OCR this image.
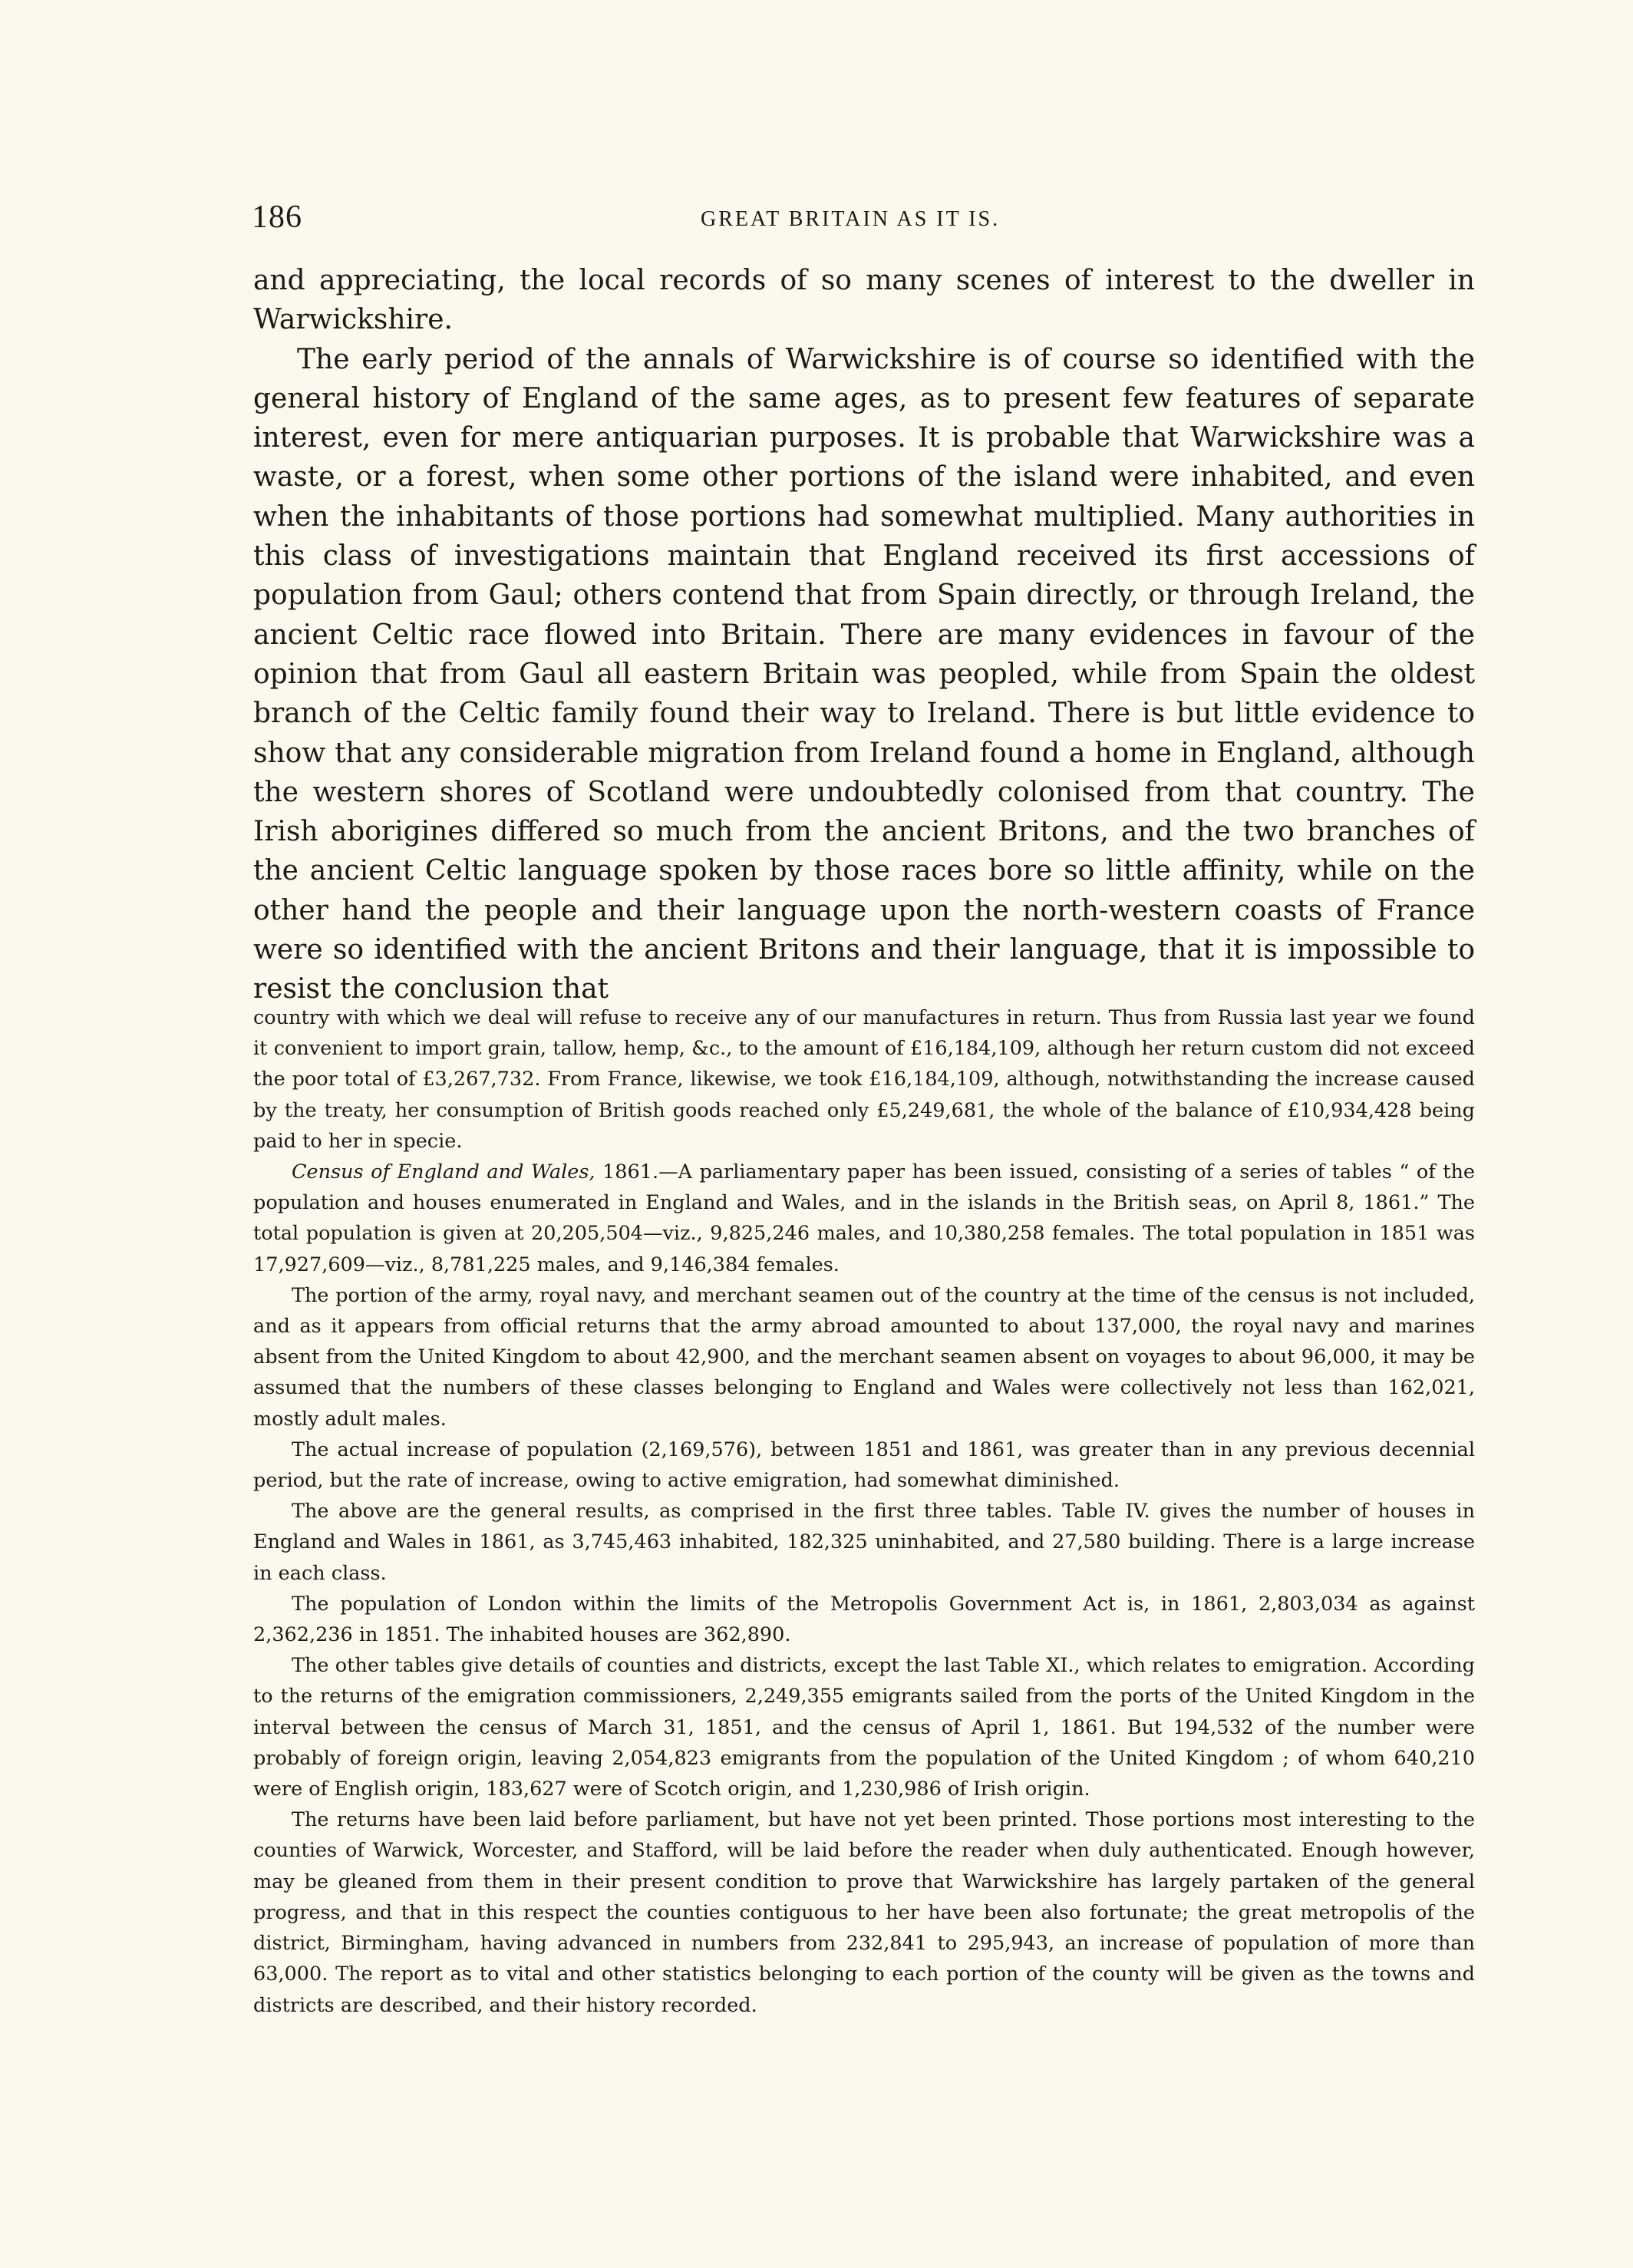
186	GREAT BRITAIN AS IT IS.

and appreciating, the local records of so many scenes of interest to the dweller in Warwickshire.

The early period of the annals of Warwickshire is of course so identified with the general history of England of the same ages, as to present few features of separate interest, even for mere antiquarian purposes. It is probable that Warwickshire was a waste, or a forest, when some other portions of the island were inhabited, and even when the inhabitants of those portions had somewhat multiplied. Many authorities in this class of investigations maintain that England received its first accessions of population from Gaul; others contend that from Spain directly, or through Ireland, the ancient Celtic race flowed into Britain. There are many evidences in favour of the opinion that from Gaul all eastern Britain was peopled, while from Spain the oldest branch of the Celtic family found their way to Ireland. There is but little evidence to show that any considerable migration from Ireland found a home in England, although the western shores of Scotland were undoubtedly colonised from that country. The Irish aborigines differed so much from the ancient Britons, and the two branches of the ancient Celtic language spoken by those races bore so little affinity, while on the other hand the people and their language upon the north-western coasts of France were so identified with the ancient Britons and their language, that it is impossible to resist the conclusion that

country with which we deal will refuse to receive any of our manufactures in return. Thus from Russia last year we found it convenient to import grain, tallow, hemp, &c., to the amount of £16,184,109, although her return custom did not exceed the poor total of £3,267,732. From France, likewise, we took £16,184,109, although, notwithstanding the increase caused by the treaty, her consumption of British goods reached only £5,249,681, the whole of the balance of £10,934,428 being paid to her in specie.

Census of England and Wales, 1861.—A parliamentary paper has been issued, consisting of a series of tables “ of the population and houses enumerated in England and Wales, and in the islands in the British seas, on April 8, 1861.” The total population is given at 20,205,504—viz., 9,825,246 males, and 10,380,258 females. The total population in 1851 was 17,927,609—viz., 8,781,225 males, and 9,146,384 females.

The portion of the army, royal navy, and merchant seamen out of the country at the time of the census is not included, and as it appears from official returns that the army abroad amounted to about 137,000, the royal navy and marines absent from the United Kingdom to about 42,900, and the merchant seamen absent on voyages to about 96,000, it may be assumed that the numbers of these classes belonging to England and Wales were collectively not less than 162,021, mostly adult males.

The actual increase of population (2,169,576), between 1851 and 1861, was greater than in any previous decennial period, but the rate of increase, owing to active emigration, had somewhat diminished.

The above are the general results, as comprised in the first three tables. Table IV. gives the number of houses in England and Wales in 1861, as 3,745,463 inhabited, 182,325 uninhabited, and 27,580 building. There is a large increase in each class.

The population of London within the limits of the Metropolis Government Act is, in 1861, 2,803,034 as against 2,362,236 in 1851. The inhabited houses are 362,890.

The other tables give details of counties and districts, except the last Table XI., which relates to emigration. According to the returns of the emigration commissioners, 2,249,355 emigrants sailed from the ports of the United Kingdom in the interval between the census of March 31, 1851, and the census of April 1, 1861. But 194,532 of the number were probably of foreign origin, leaving 2,054,823 emigrants from the population of the United Kingdom ; of whom 640,210 were of English origin, 183,627 were of Scotch origin, and 1,230,986 of Irish origin.

The returns have been laid before parliament, but have not yet been printed. Those portions most interesting to the counties of Warwick, Worcester, and Stafford, will be laid before the reader when duly authenticated. Enough however, may be gleaned from them in their present condition to prove that Warwickshire has largely partaken of the general progress, and that in this respect the counties contiguous to her have been also fortunate; the great metropolis of the district, Birmingham, having advanced in numbers from 232,841 to 295,943, an increase of population of more than 63,000. The report as to vital and other statistics belonging to each portion of the county will be given as the towns and districts are described, and their history recorded.
